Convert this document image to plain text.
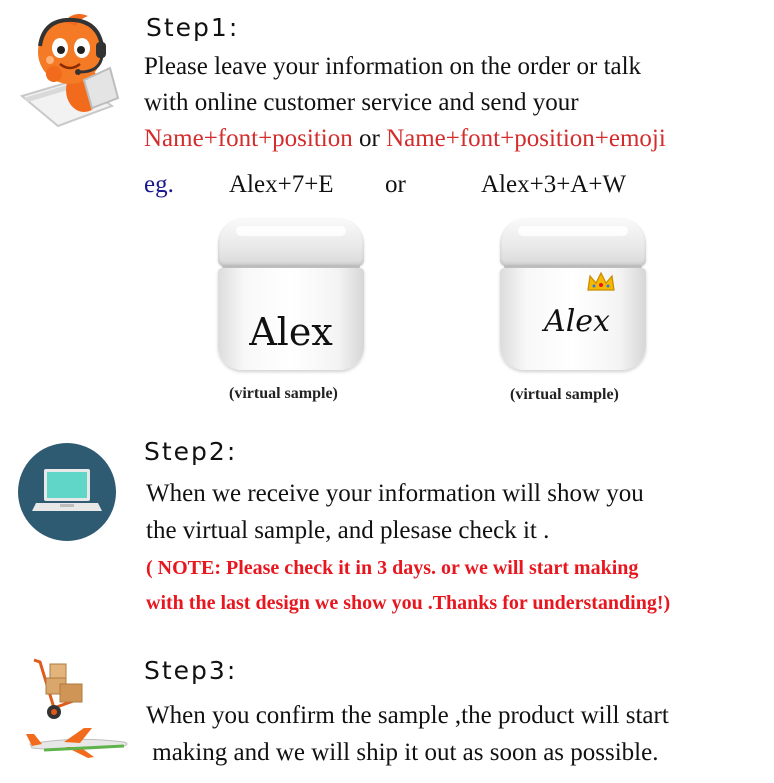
Step1:
Please leave your information on the order or talk
with online customer service and send your
Name+font+position or Name+font+position+emoji
eg. Alex+7+E or	Alex+3+A+W
Alex
(virtual sample)
Alex
(virtual sample)
Step2:
When we receive your information will show you
the virtual sample, and plesase check it .
( NOTE: Please check it in 3 days. or we will start making
with the last design we show you .Thanks for understanding!)
Step3:
When you confirm the sample ,the product will start
making and we will ship it out as soon as possible.
